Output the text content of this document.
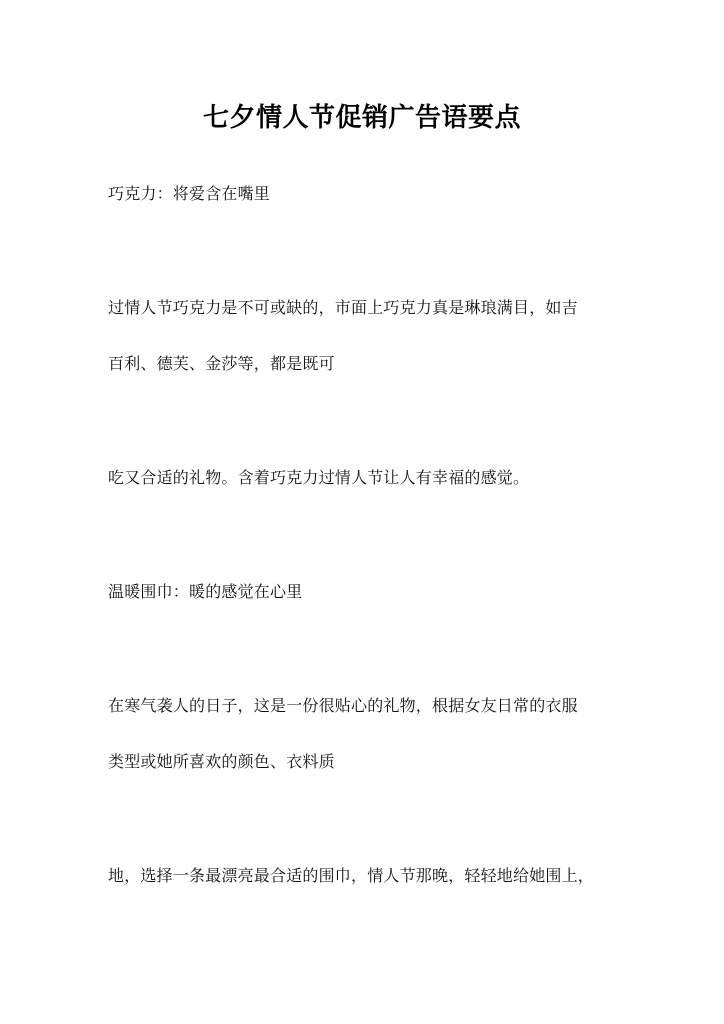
七夕情人节促销广告语要点
巧克力：将爱含在嘴里
过情人节巧克力是不可或缺的，市面上巧克力真是琳琅满目，如吉
百利、德芙、金莎等，都是既可
吃又合适的礼物。含着巧克力过情人节让人有幸福的感觉。
温暖围巾：暖的感觉在心里
在寒气袭人的日子，这是一份很贴心的礼物，根据女友日常的衣服
类型或她所喜欢的颜色、衣料质
地，选择一条最漂亮最合适的围巾，情人节那晚，轻轻地给她围上，
